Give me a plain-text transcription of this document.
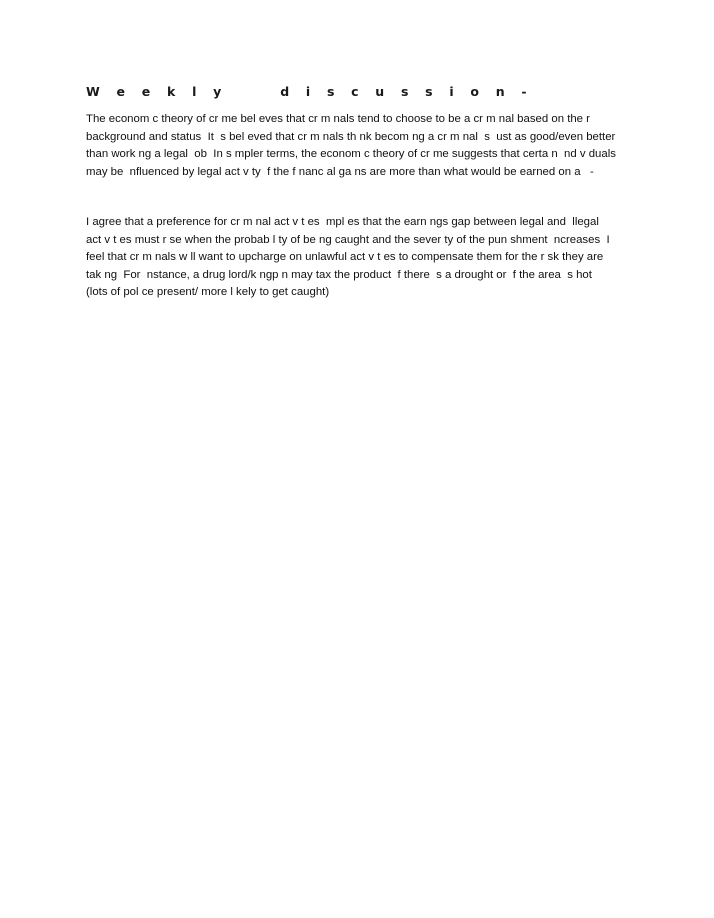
W e e k l y     d i s c u s s i o n -
The econom c theory of cr me bel eves that cr m nals tend to choose to be a cr m nal based on the r
background and status  It  s bel eved that cr m nals th nk becom ng a cr m nal  s  ust as good/even better
than work ng a legal  ob  In s mpler terms, the econom c theory of cr me suggests that certa n  nd v duals
may be  nfluenced by legal act v ty  f the f nanc al ga ns are more than what would be earned on a   -
I agree that a preference for cr m nal act v t es  mpl es that the earn ngs gap between legal and  llegal
act v t es must r se when the probab l ty of be ng caught and the sever ty of the pun shment  ncreases  I
feel that cr m nals w ll want to upcharge on unlawful act v t es to compensate them for the r sk they are
tak ng  For  nstance, a drug lord/k ngp n may tax the product  f there  s a drought or  f the area  s hot
(lots of pol ce present/ more l kely to get caught)
